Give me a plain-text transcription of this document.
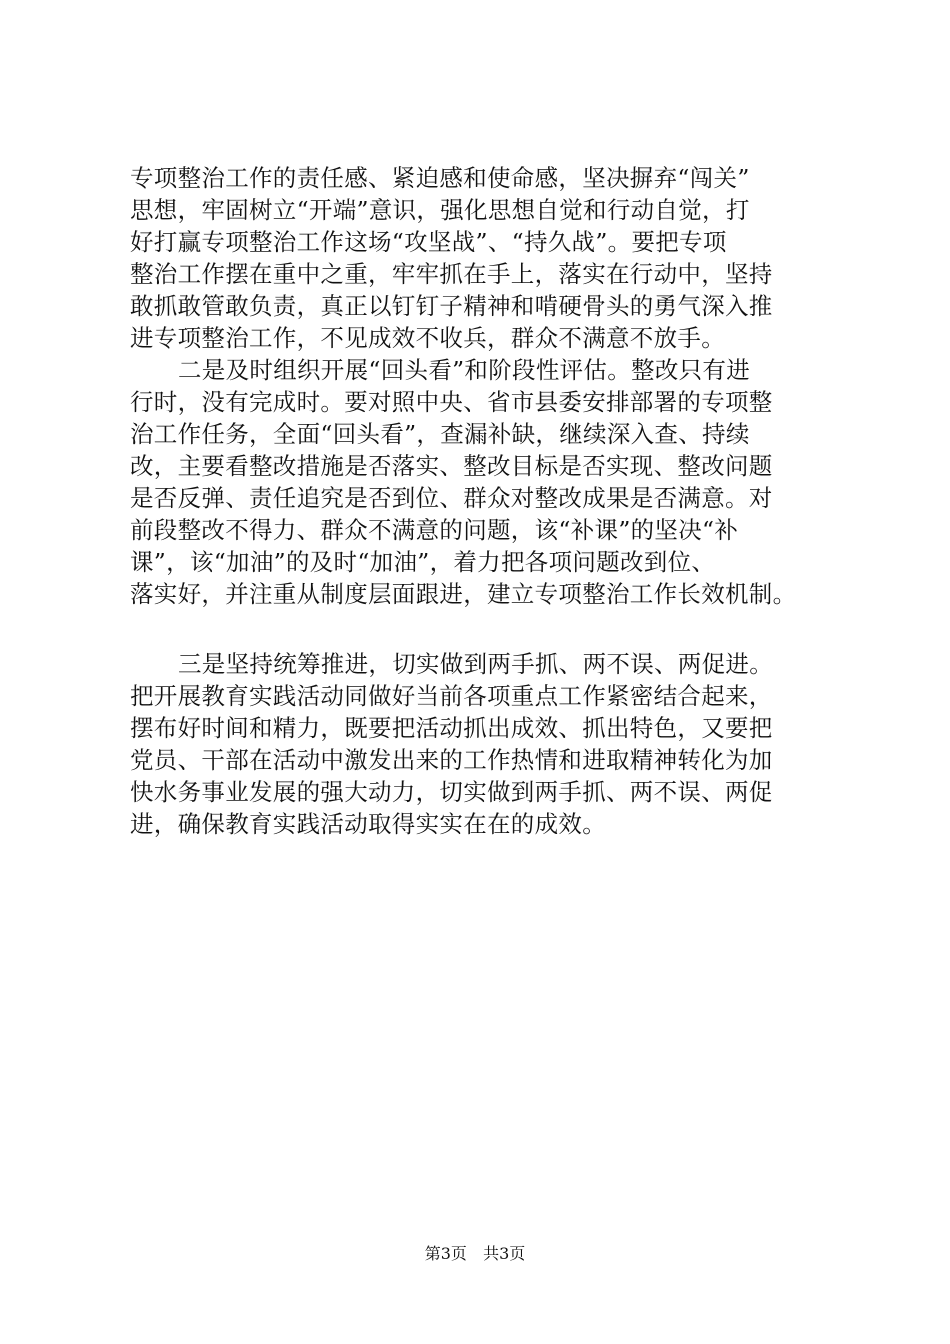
专项整治工作的责任感、紧迫感和使命感，坚决摒弃“闯关”
思想，牢固树立“开端”意识，强化思想自觉和行动自觉，打
好打赢专项整治工作这场“攻坚战”、“持久战”。要把专项
整治工作摆在重中之重，牢牢抓在手上，落实在行动中，坚持
敢抓敢管敢负责，真正以钉钉子精神和啃硬骨头的勇气深入推
进专项整治工作，不见成效不收兵，群众不满意不放手。
二是及时组织开展“回头看”和阶段性评估。整改只有进
行时，没有完成时。要对照中央、省市县委安排部署的专项整
治工作任务，全面“回头看”，查漏补缺，继续深入查、持续
改，主要看整改措施是否落实、整改目标是否实现、整改问题
是否反弹、责任追究是否到位、群众对整改成果是否满意。对
前段整改不得力、群众不满意的问题，该“补课”的坚决“补
课”，该“加油”的及时“加油”，着力把各项问题改到位、
落实好，并注重从制度层面跟进，建立专项整治工作长效机制。
三是坚持统筹推进，切实做到两手抓、两不误、两促进。
把开展教育实践活动同做好当前各项重点工作紧密结合起来，
摆布好时间和精力，既要把活动抓出成效、抓出特色，又要把
党员、干部在活动中激发出来的工作热情和进取精神转化为加
快水务事业发展的强大动力，切实做到两手抓、两不误、两促
进，确保教育实践活动取得实实在在的成效。
第3页 共3页
